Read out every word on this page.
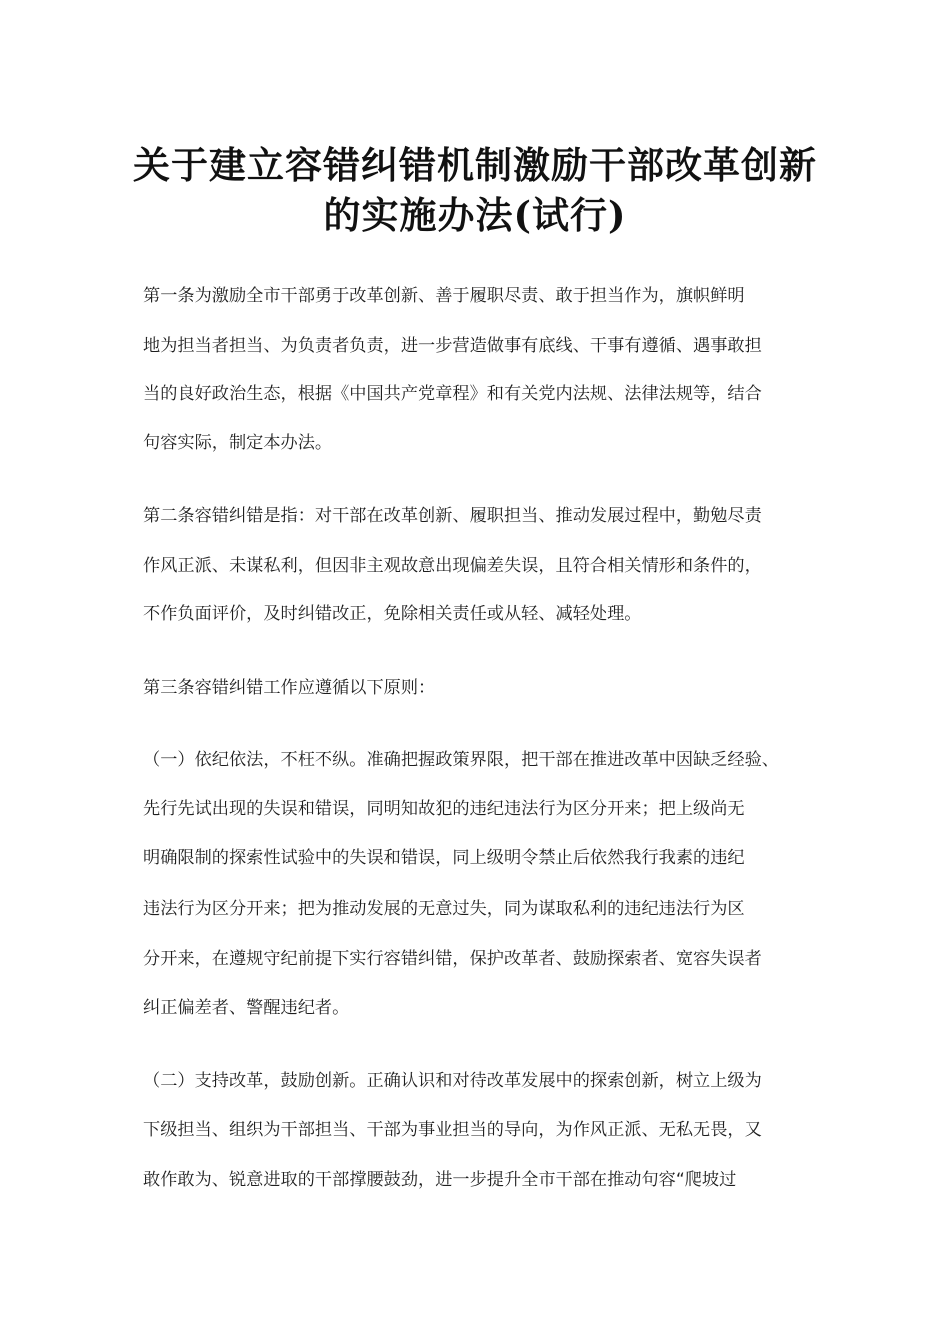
关于建立容错纠错机制激励干部改革创新
的实施办法(试行)
第一条为激励全市干部勇于改革创新、善于履职尽责、敢于担当作为，旗帜鲜明
地为担当者担当、为负责者负责，进一步营造做事有底线、干事有遵循、遇事敢担
当的良好政治生态，根据《中国共产党章程》和有关党内法规、法律法规等，结合
句容实际，制定本办法。
第二条容错纠错是指：对干部在改革创新、履职担当、推动发展过程中，勤勉尽责
作风正派、未谋私利，但因非主观故意出现偏差失误，且符合相关情形和条件的，
不作负面评价，及时纠错改正，免除相关责任或从轻、减轻处理。
第三条容错纠错工作应遵循以下原则：
（一）依纪依法，不枉不纵。准确把握政策界限，把干部在推进改革中因缺乏经验、
先行先试出现的失误和错误，同明知故犯的违纪违法行为区分开来；把上级尚无
明确限制的探索性试验中的失误和错误，同上级明令禁止后依然我行我素的违纪
违法行为区分开来；把为推动发展的无意过失，同为谋取私利的违纪违法行为区
分开来，在遵规守纪前提下实行容错纠错，保护改革者、鼓励探索者、宽容失误者
纠正偏差者、警醒违纪者。
（二）支持改革，鼓励创新。正确认识和对待改革发展中的探索创新，树立上级为
下级担当、组织为干部担当、干部为事业担当的导向，为作风正派、无私无畏，又
敢作敢为、锐意进取的干部撑腰鼓劲，进一步提升全市干部在推动句容“爬坡过
